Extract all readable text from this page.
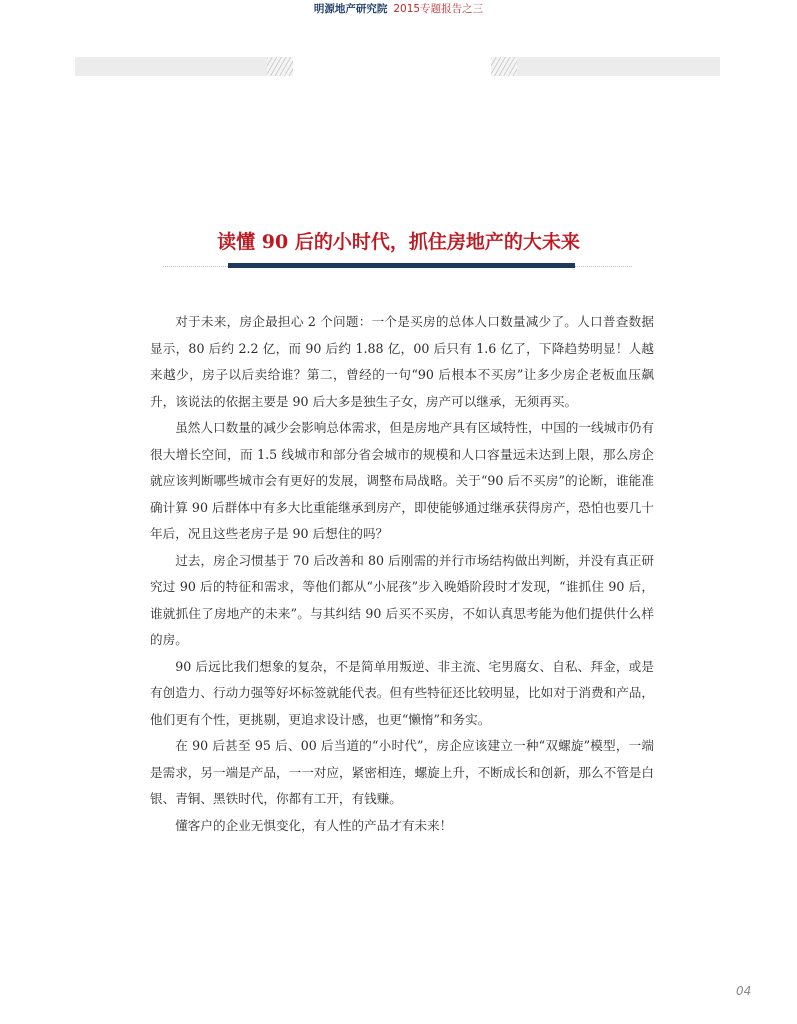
明源地产研究院 2015专题报告之三
读懂 90 后的小时代，抓住房地产的大未来

对于未来，房企最担心 2 个问题：一个是买房的总体人口数量减少了。人口普查数据显示，80 后约 2.2 亿，而 90 后约 1.88 亿，00 后只有 1.6 亿了，下降趋势明显！人越来越少，房子以后卖给谁？第二，曾经的一句“90 后根本不买房”让多少房企老板血压飙升，该说法的依据主要是 90 后大多是独生子女，房产可以继承，无须再买。

虽然人口数量的减少会影响总体需求，但是房地产具有区域特性，中国的一线城市仍有很大增长空间，而 1.5 线城市和部分省会城市的规模和人口容量远未达到上限，那么房企就应该判断哪些城市会有更好的发展，调整布局战略。关于“90 后不买房”的论断，谁能准确计算 90 后群体中有多大比重能继承到房产，即使能够通过继承获得房产，恐怕也要几十年后，况且这些老房子是 90 后想住的吗？

过去，房企习惯基于 70 后改善和 80 后刚需的并行市场结构做出判断，并没有真正研究过 90 后的特征和需求，等他们都从“小屁孩”步入晚婚阶段时才发现，“谁抓住 90 后，谁就抓住了房地产的未来”。与其纠结 90 后买不买房，不如认真思考能为他们提供什么样的房。

90 后远比我们想象的复杂，不是简单用叛逆、非主流、宅男腐女、自私、拜金，或是有创造力、行动力强等好坏标签就能代表。但有些特征还比较明显，比如对于消费和产品，他们更有个性，更挑剔，更追求设计感，也更“懒惰”和务实。

在 90 后甚至 95 后、00 后当道的“小时代”，房企应该建立一种“双螺旋”模型，一端是需求，另一端是产品，一一对应，紧密相连，螺旋上升，不断成长和创新，那么不管是白银、青铜、黑铁时代，你都有工开，有钱赚。

懂客户的企业无惧变化，有人性的产品才有未来！

04
